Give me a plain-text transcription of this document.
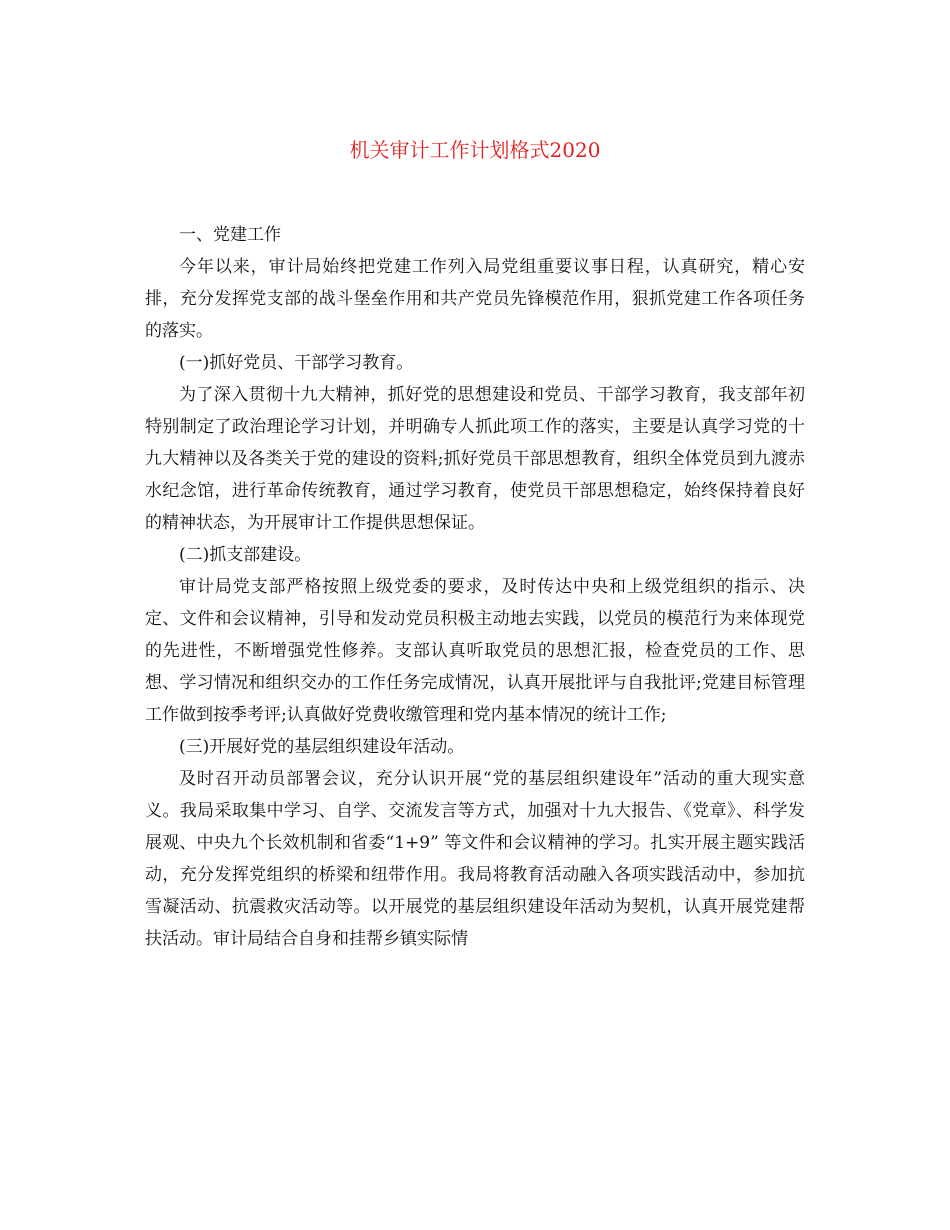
机关审计工作计划格式2020

一、党建工作

今年以来，审计局始终把党建工作列入局党组重要议事日程，认真研究，精心安排，充分发挥党支部的战斗堡垒作用和共产党员先锋模范作用，狠抓党建工作各项任务的落实。

(一)抓好党员、干部学习教育。

为了深入贯彻十九大精神，抓好党的思想建设和党员、干部学习教育，我支部年初特别制定了政治理论学习计划，并明确专人抓此项工作的落实，主要是认真学习党的十九大精神以及各类关于党的建设的资料;抓好党员干部思想教育，组织全体党员到九渡赤水纪念馆，进行革命传统教育，通过学习教育，使党员干部思想稳定，始终保持着良好的精神状态，为开展审计工作提供思想保证。

(二)抓支部建设。

审计局党支部严格按照上级党委的要求，及时传达中央和上级党组织的指示、决定、文件和会议精神，引导和发动党员积极主动地去实践，以党员的模范行为来体现党的先进性，不断增强党性修养。支部认真听取党员的思想汇报，检查党员的工作、思想、学习情况和组织交办的工作任务完成情况，认真开展批评与自我批评;党建目标管理工作做到按季考评;认真做好党费收缴管理和党内基本情况的统计工作;

(三)开展好党的基层组织建设年活动。

及时召开动员部署会议，充分认识开展“党的基层组织建设年”活动的重大现实意义。我局采取集中学习、自学、交流发言等方式，加强对十九大报告、《党章》、科学发展观、中央九个长效机制和省委“1+9” 等文件和会议精神的学习。扎实开展主题实践活动，充分发挥党组织的桥梁和纽带作用。我局将教育活动融入各项实践活动中，参加抗雪凝活动、抗震救灾活动等。以开展党的基层组织建设年活动为契机，认真开展党建帮扶活动。审计局结合自身和挂帮乡镇实际情
